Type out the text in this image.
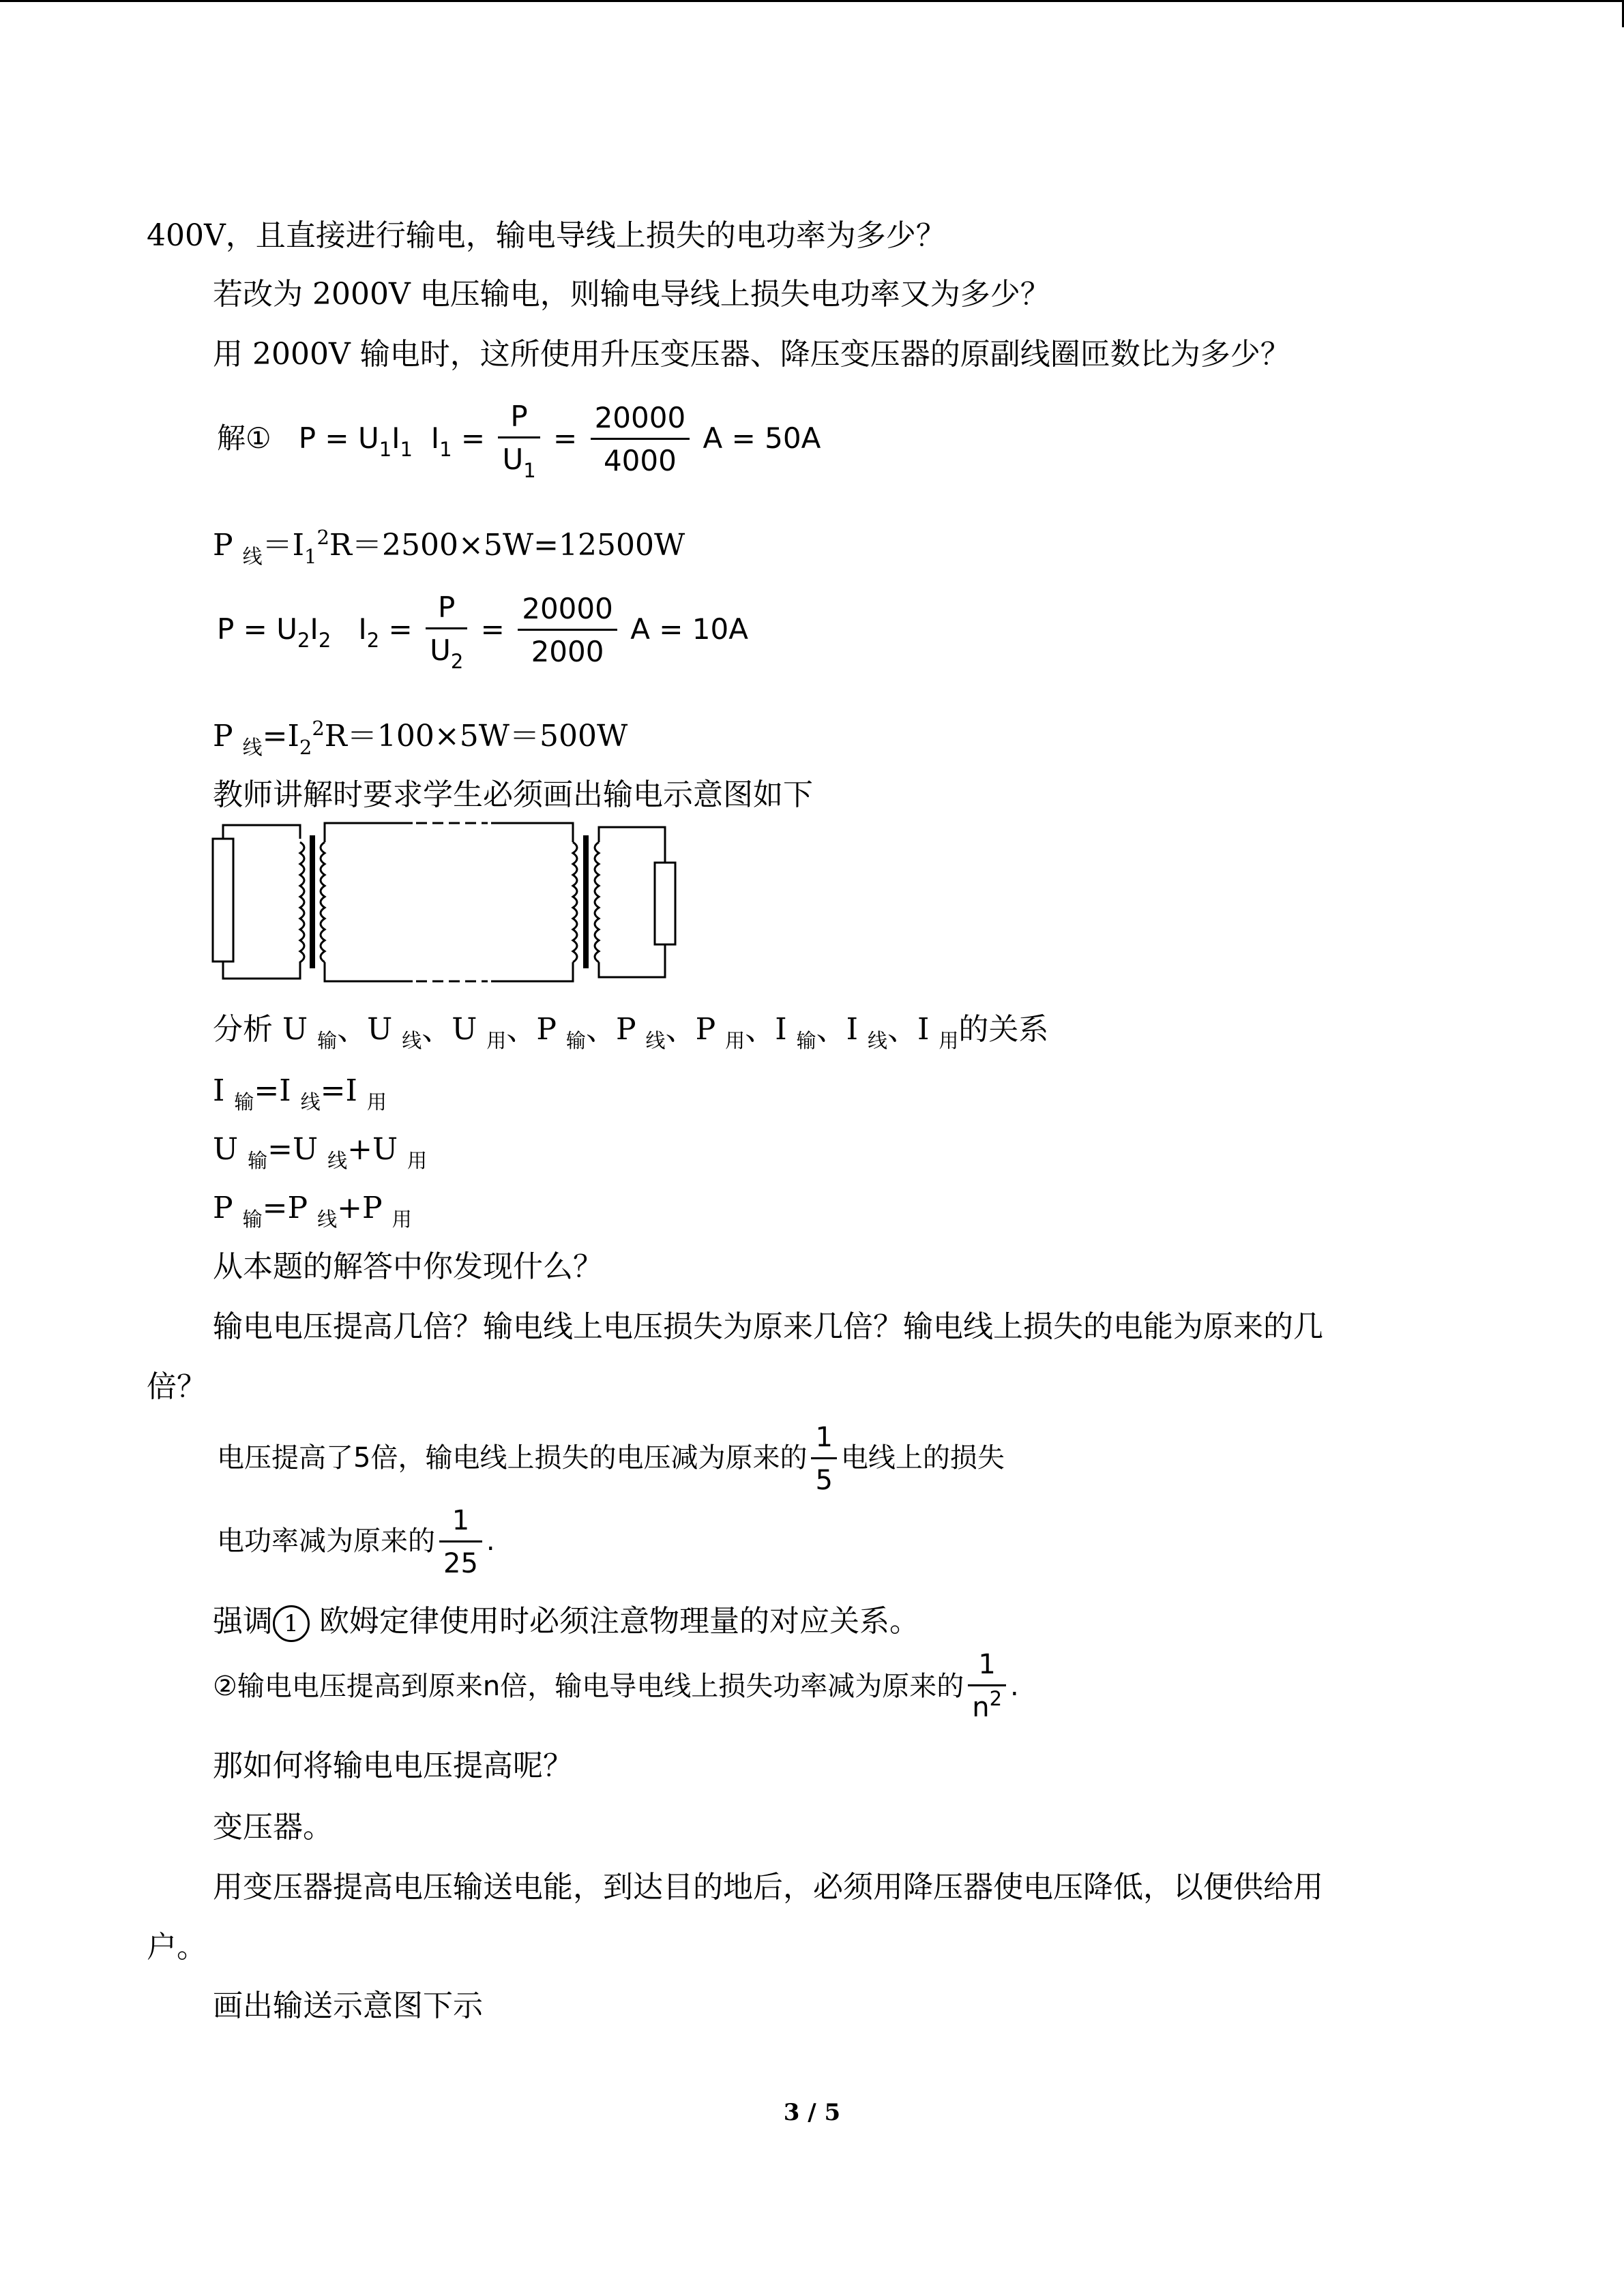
400V，且直接进行输电，输电导线上损失的电功率为多少？
若改为 2000V 电压输电，则输电导线上损失电功率又为多少？
用 2000V 输电时，这所使用升压变压器、降压变压器的原副线圈匝数比为多少？
解① $P = U_1I_1$ $I_1 = \frac{P}{U_1} = \frac{20000}{4000}$ A = 50A
P $_线=I_1^2R=2500\times 5W=12500W$
$P = U_2I_2$ $I_2 = \frac{P}{U_2} = \frac{20000}{2000}$ A = 10A
P $_线=I_2^2R=100\times 5W=500W$
教师讲解时要求学生必须画出输电示意图如下
分析 U $_输$、U $_线$、U $_用$、P $_输$、P $_线$、P $_用$、I $_输$、I $_线$、I $_用$的关系
I $_输$=I $_线$=I $_用$
U $_输$=U $_线$+U $_用$
P $_输$=P $_线$+P $_用$
从本题的解答中你发现什么？
输电电压提高几倍？输电线上电压损失为原来几倍？输电线上损失的电能为原来的几
倍？
电压提高了5倍，输电线上损失的电压减为原来的 $\frac{1}{5}$ 电线上的损失
电功率减为原来的 $\frac{1}{25}$ .
强调 1 欧姆定律使用时必须注意物理量的对应关系。
②输电电压提高到原来n倍，输电导电线上损失功率减为原来的 $\frac{1}{n^2}$ .
那如何将输电电压提高呢？
变压器。
用变压器提高电压输送电能，到达目的地后，必须用降压器使电压降低，以便供给用
户。
画出输送示意图下示
3 / 5
